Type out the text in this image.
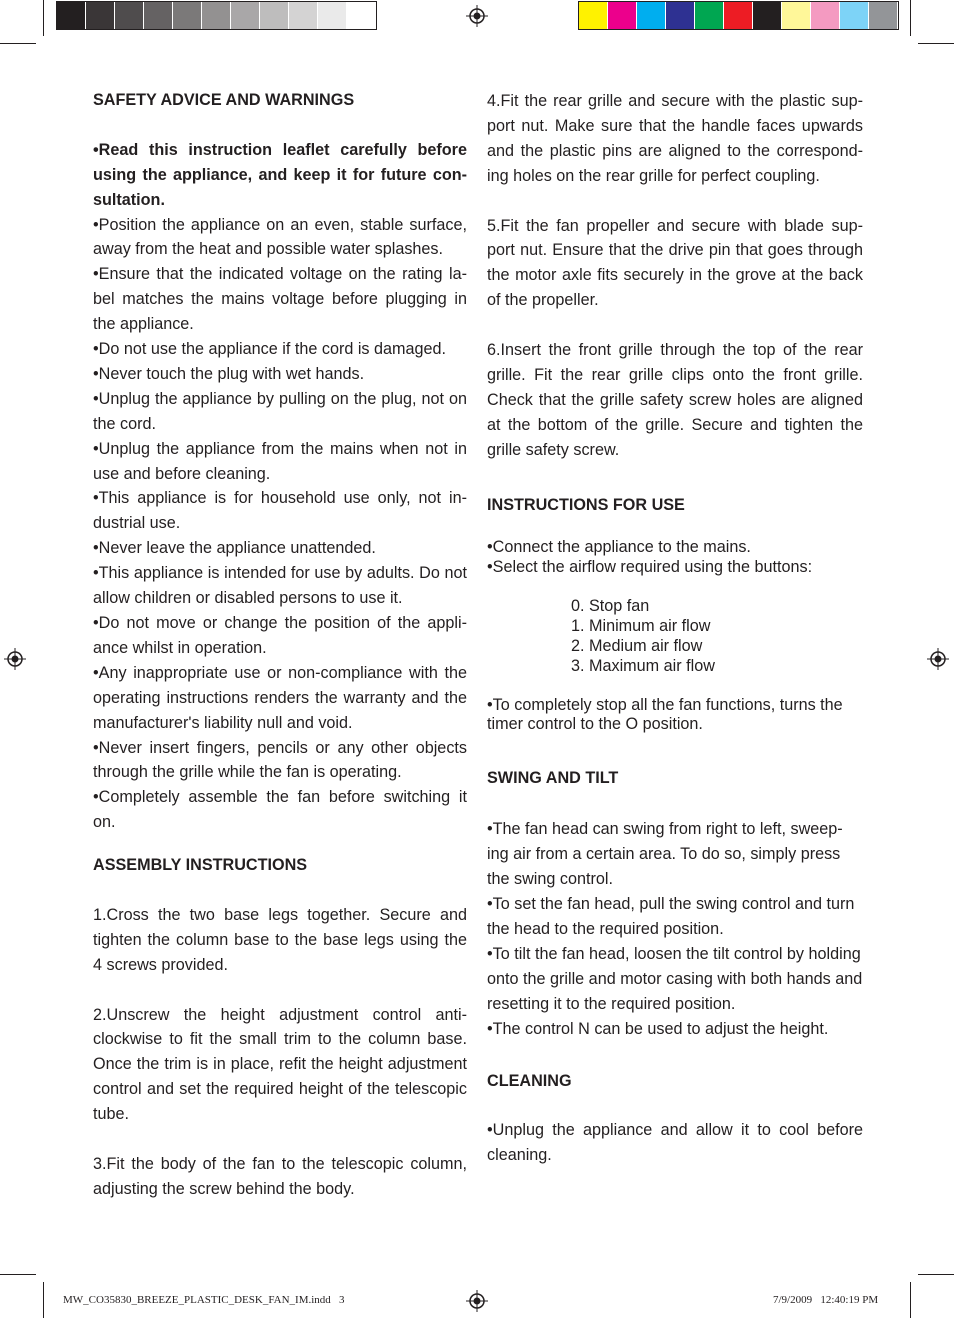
SAFETY ADVICE AND WARNINGS

•Read this instruction leaflet carefully before using the appliance, and keep it for future con-sultation.

•Position the appliance on an even, stable surface, away from the heat and possible water splashes.

•Ensure that the indicated voltage on the rating la-bel matches the mains voltage before plugging in the appliance.

•Do not use the appliance if the cord is damaged.

•Never touch the plug with wet hands.

•Unplug the appliance by pulling on the plug, not on the cord.

•Unplug the appliance from the mains when not in use and before cleaning.

•This appliance is for household use only, not in-dustrial use.

•Never leave the appliance unattended.

•This appliance is intended for use by adults. Do not allow children or disabled persons to use it.

•Do not move or change the position of the appli-ance whilst in operation.

•Any inappropriate use or non-compliance with the operating instructions renders the warranty and the manufacturer's liability null and void.

•Never insert fingers, pencils or any other objects through the grille while the fan is operating.

•Completely assemble the fan before switching it on.

ASSEMBLY INSTRUCTIONS

1.Cross the two base legs together. Secure and tighten the column base to the base legs using the 4 screws provided.

2.Unscrew the height adjustment control anti-clockwise to fit the small trim to the column base. Once the trim is in place, refit the height adjustment control and set the required height of the telescopic tube.

3.Fit the body of the fan to the telescopic column, adjusting the screw behind the body.

4.Fit the rear grille and secure with the plastic sup-port nut. Make sure that the handle faces upwards and the plastic pins are aligned to the correspond-ing holes on the rear grille for perfect coupling.

5.Fit the fan propeller and secure with blade sup-port nut. Ensure that the drive pin that goes through the motor axle fits securely in the grove at the back of the propeller.

6.Insert the front grille through the top of the rear grille. Fit the rear grille clips onto the front grille. Check that the grille safety screw holes are aligned at the bottom of the grille. Secure and tighten the grille safety screw.

INSTRUCTIONS FOR USE
•Connect the appliance to the mains.
•Select the airflow required using the buttons:
0. Stop fan
1. Minimum air flow
2. Medium air flow
3. Maximum air flow
•To completely stop all the fan functions, turns the timer control to the O position.
SWING AND TILT

•The fan head can swing from right to left, sweep-ing air from a certain area. To do so, simply press the swing control.

•To set the fan head, pull the swing control and turn the head to the required position.

•To tilt the fan head, loosen the tilt control by holding onto the grille and motor casing with both hands and resetting it to the required position.

•The control N can be used to adjust the height.

CLEANING

•Unplug the appliance and allow it to cool before cleaning.

MW_CO35830_BREEZE_PLASTIC_DESK_FAN_IM.indd   3	7/9/2009   12:40:19 PM
